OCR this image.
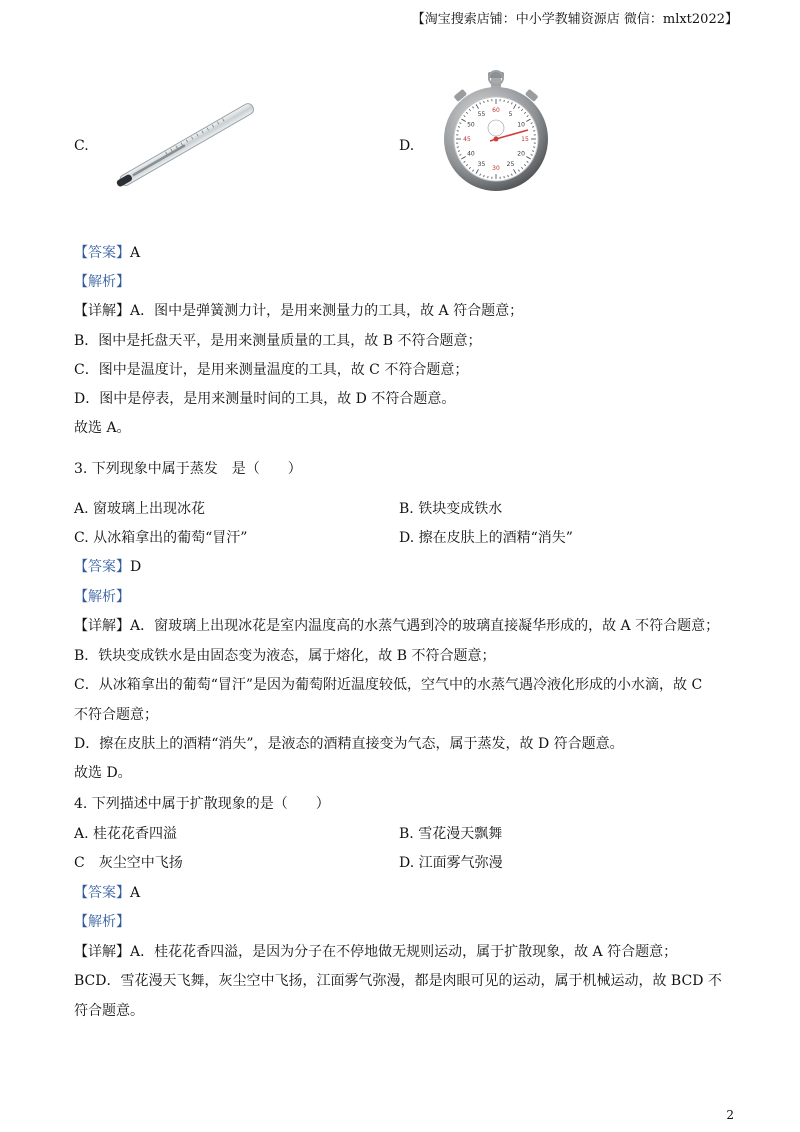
【淘宝搜索店铺：中小学教辅资源店 微信：mlxt2022】
C.	D.
60
5
10
15
20
25
30
35
40
45
50
55
【答案】A
【解析】
【详解】A．图中是弹簧测力计，是用来测量力的工具，故 A 符合题意；
B．图中是托盘天平，是用来测量质量的工具，故 B 不符合题意；
C．图中是温度计，是用来测量温度的工具，故 C 不符合题意；
D．图中是停表，是用来测量时间的工具，故 D 不符合题意。
故选 A。
3. 下列现象中属于蒸发　是（　　）
A. 窗玻璃上出现冰花	B. 铁块变成铁水
C. 从冰箱拿出的葡萄“冒汗”	D. 擦在皮肤上的酒精“消失”
【答案】D
【解析】
【详解】A．窗玻璃上出现冰花是室内温度高的水蒸气遇到冷的玻璃直接凝华形成的，故 A 不符合题意；
B．铁块变成铁水是由固态变为液态，属于熔化，故 B 不符合题意；
C．从冰箱拿出的葡萄“冒汗”是因为葡萄附近温度较低，空气中的水蒸气遇冷液化形成的小水滴，故 C
不符合题意；
D．擦在皮肤上的酒精“消失”，是液态的酒精直接变为气态，属于蒸发，故 D 符合题意。
故选 D。
4. 下列描述中属于扩散现象的是（　　）
A. 桂花花香四溢	B. 雪花漫天飘舞
C　灰尘空中飞扬	D. 江面雾气弥漫
【答案】A
【解析】
【详解】A．桂花花香四溢，是因为分子在不停地做无规则运动，属于扩散现象，故 A 符合题意；
BCD．雪花漫天飞舞，灰尘空中飞扬，江面雾气弥漫，都是肉眼可见的运动，属于机械运动，故 BCD 不
符合题意。
2
